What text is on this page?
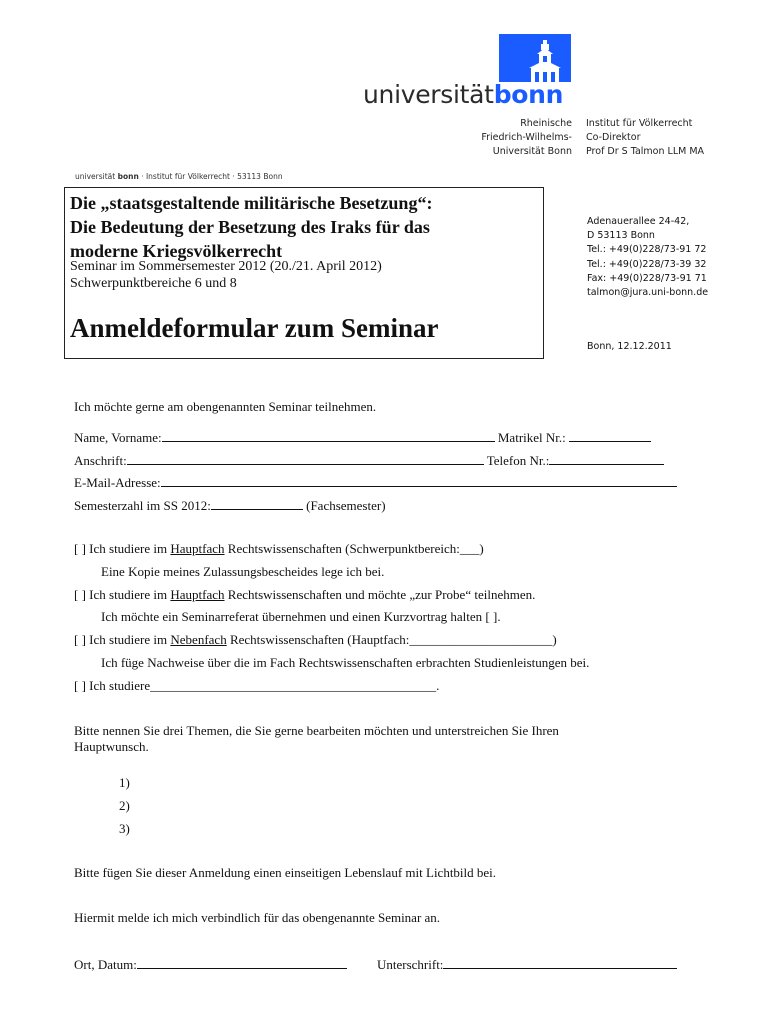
universitätbonn
Rheinische
Friedrich-Wilhelms-
Universität Bonn
Institut für Völkerrecht
Co-Direktor
Prof Dr S Talmon LLM MA
universität bonn · Institut für Völkerrecht · 53113 Bonn
Die „staatsgestaltende militärische Besetzung“:
Die Bedeutung der Besetzung des Iraks für das
moderne Kriegsvölkerrecht
Seminar im Sommersemester 2012 (20./21. April 2012)
Schwerpunktbereiche 6 und 8
Anmeldeformular zum Seminar
Adenauerallee 24-42,
D 53113 Bonn
Tel.: +49(0)228/73-91 72
Tel.: +49(0)228/73-39 32
Fax: +49(0)228/73-91 71
talmon@jura.uni-bonn.de
Bonn, 12.12.2011
Ich möchte gerne am obengenannten Seminar teilnehmen.
Name, Vorname:	Matrikel Nr.:
Anschrift:	Telefon Nr.:
E-Mail-Adresse:
Semesterzahl im SS 2012:	(Fachsemester)
[ ] Ich studiere im Hauptfach Rechtswissenschaften (Schwerpunktbereich:___)
Eine Kopie meines Zulassungsbescheides lege ich bei.
[ ] Ich studiere im Hauptfach Rechtswissenschaften und möchte „zur Probe“ teilnehmen.
Ich möchte ein Seminarreferat übernehmen und einen Kurzvortrag halten [ ].
[ ] Ich studiere im Nebenfach Rechtswissenschaften (Hauptfach:______________________)
Ich füge Nachweise über die im Fach Rechtswissenschaften erbrachten Studienleistungen bei.
[ ] Ich studiere____________________________________________.
Bitte nennen Sie drei Themen, die Sie gerne bearbeiten möchten und unterstreichen Sie Ihren
Hauptwunsch.
1)
2)
3)
Bitte fügen Sie dieser Anmeldung einen einseitigen Lebenslauf mit Lichtbild bei.
Hiermit melde ich mich verbindlich für das obengenannte Seminar an.
Ort, Datum:	Unterschrift:
